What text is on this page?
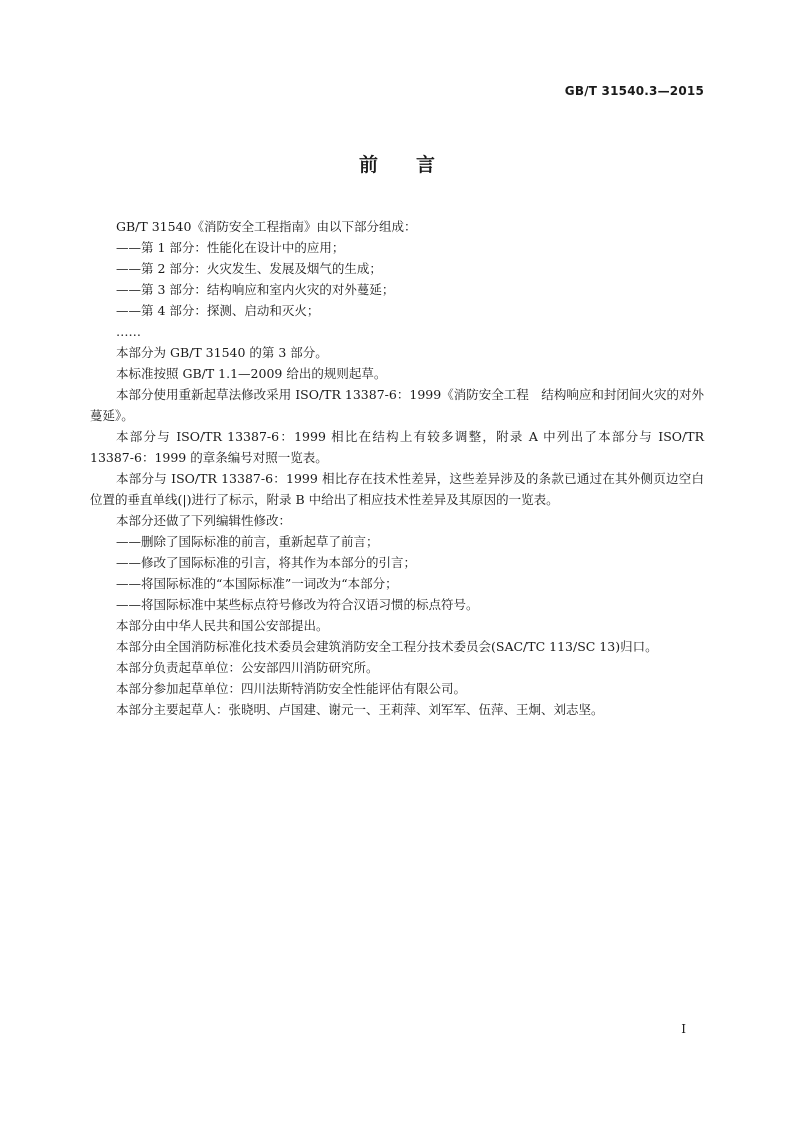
GB/T 31540.3—2015
前言

GB/T 31540《消防安全工程指南》由以下部分组成：

——第 1 部分：性能化在设计中的应用；

——第 2 部分：火灾发生、发展及烟气的生成；

——第 3 部分：结构响应和室内火灾的对外蔓延；

——第 4 部分：探测、启动和灭火；

……

本部分为 GB/T 31540 的第 3 部分。

本标准按照 GB/T 1.1—2009 给出的规则起草。

本部分使用重新起草法修改采用 ISO/TR 13387-6：1999《消防安全工程　结构响应和封闭间火灾的对外蔓延》。

本部分与 ISO/TR 13387-6：1999 相比在结构上有较多调整，附录 A 中列出了本部分与 ISO/TR 13387-6：1999 的章条编号对照一览表。

本部分与 ISO/TR 13387-6：1999 相比存在技术性差异，这些差异涉及的条款已通过在其外侧页边空白位置的垂直单线(|)进行了标示，附录 B 中给出了相应技术性差异及其原因的一览表。

本部分还做了下列编辑性修改：

——删除了国际标准的前言，重新起草了前言；

——修改了国际标准的引言，将其作为本部分的引言；

——将国际标准的“本国际标准”一词改为“本部分；

——将国际标准中某些标点符号修改为符合汉语习惯的标点符号。

本部分由中华人民共和国公安部提出。

本部分由全国消防标准化技术委员会建筑消防安全工程分技术委员会(SAC/TC 113/SC 13)归口。

本部分负责起草单位：公安部四川消防研究所。

本部分参加起草单位：四川法斯特消防安全性能评估有限公司。

本部分主要起草人：张晓明、卢国建、谢元一、王莉萍、刘军军、伍萍、王炯、刘志坚。

I
